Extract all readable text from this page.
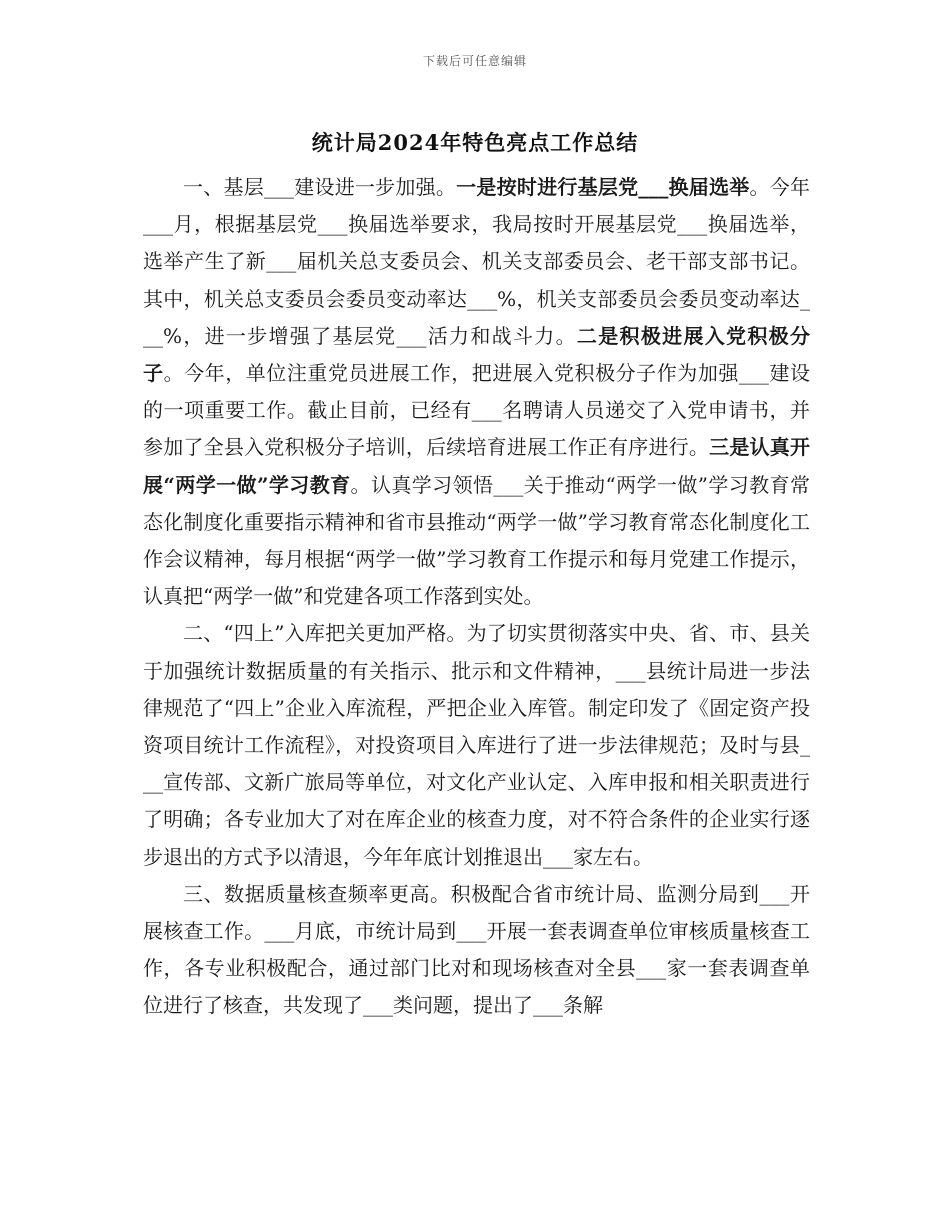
下载后可任意编辑
统计局2024年特色亮点工作总结

一、基层___建设进一步加强。一是按时进行基层党___换届选举。今年___月，根据基层党___换届选举要求，我局按时开展基层党___换届选举，选举产生了新___届机关总支委员会、机关支部委员会、老干部支部书记。其中，机关总支委员会委员变动率达___%，机关支部委员会委员变动率达___%，进一步增强了基层党___活力和战斗力。二是积极进展入党积极分子。今年，单位注重党员进展工作，把进展入党积极分子作为加强___建设的一项重要工作。截止目前，已经有___名聘请人员递交了入党申请书，并参加了全县入党积极分子培训，后续培育进展工作正有序进行。三是认真开展“两学一做”学习教育。认真学习领悟___关于推动“两学一做”学习教育常态化制度化重要指示精神和省市县推动“两学一做”学习教育常态化制度化工作会议精神，每月根据“两学一做”学习教育工作提示和每月党建工作提示，认真把“两学一做”和党建各项工作落到实处。

二、“四上”入库把关更加严格。为了切实贯彻落实中央、省、市、县关于加强统计数据质量的有关指示、批示和文件精神，___县统计局进一步法律规范了“四上”企业入库流程，严把企业入库管。制定印发了《固定资产投资项目统计工作流程》，对投资项目入库进行了进一步法律规范；及时与县___宣传部、文新广旅局等单位，对文化产业认定、入库申报和相关职责进行了明确；各专业加大了对在库企业的核查力度，对不符合条件的企业实行逐步退出的方式予以清退，今年年底计划推退出___家左右。

三、数据质量核查频率更高。积极配合省市统计局、监测分局到___开展核查工作。___月底，市统计局到___开展一套表调查单位审核质量核查工作，各专业积极配合，通过部门比对和现场核查对全县___家一套表调查单位进行了核查，共发现了___类问题，提出了___条解
